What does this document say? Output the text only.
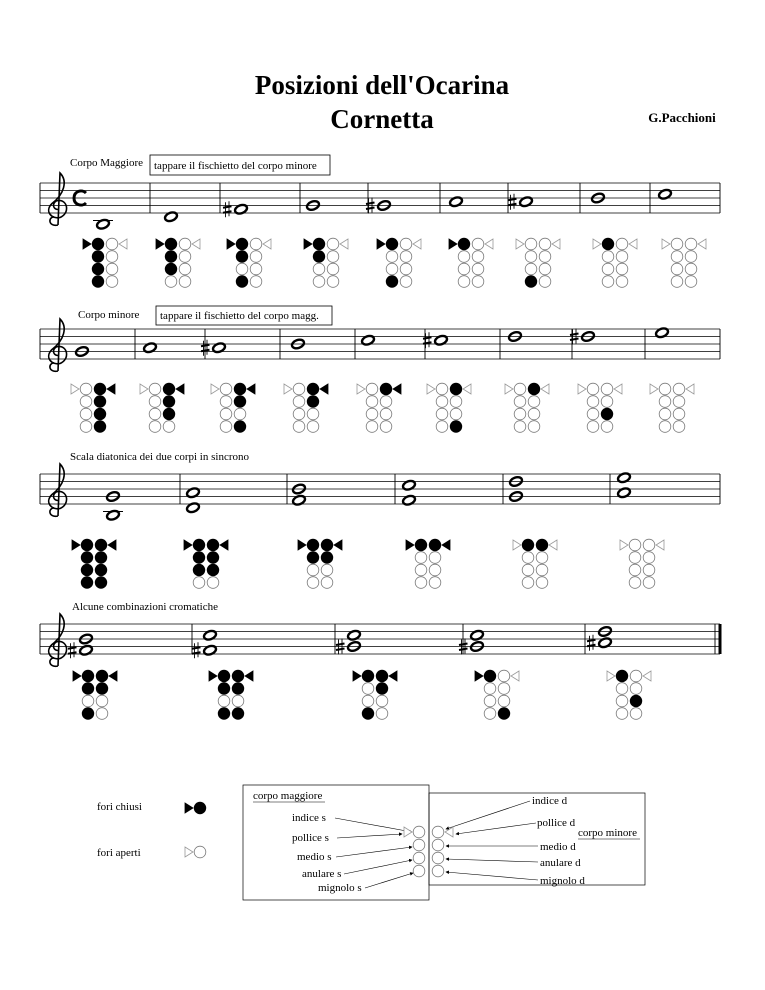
Posizioni dell'Ocarina
Cornetta	G.Pacchioni
Corpo Maggiore tappare il fischietto del corpo minore
Corpo minore tappare il fischietto del corpo magg.
Scala diatonica dei due corpi in sincrono
Alcune combinazioni cromatiche
fori chiusi
fori aperti
corpo maggiore
corpo minore
indice s
pollice s
medio s
anulare s
mignolo s
indice d
pollice d
medio d
anulare d
mignolo d
